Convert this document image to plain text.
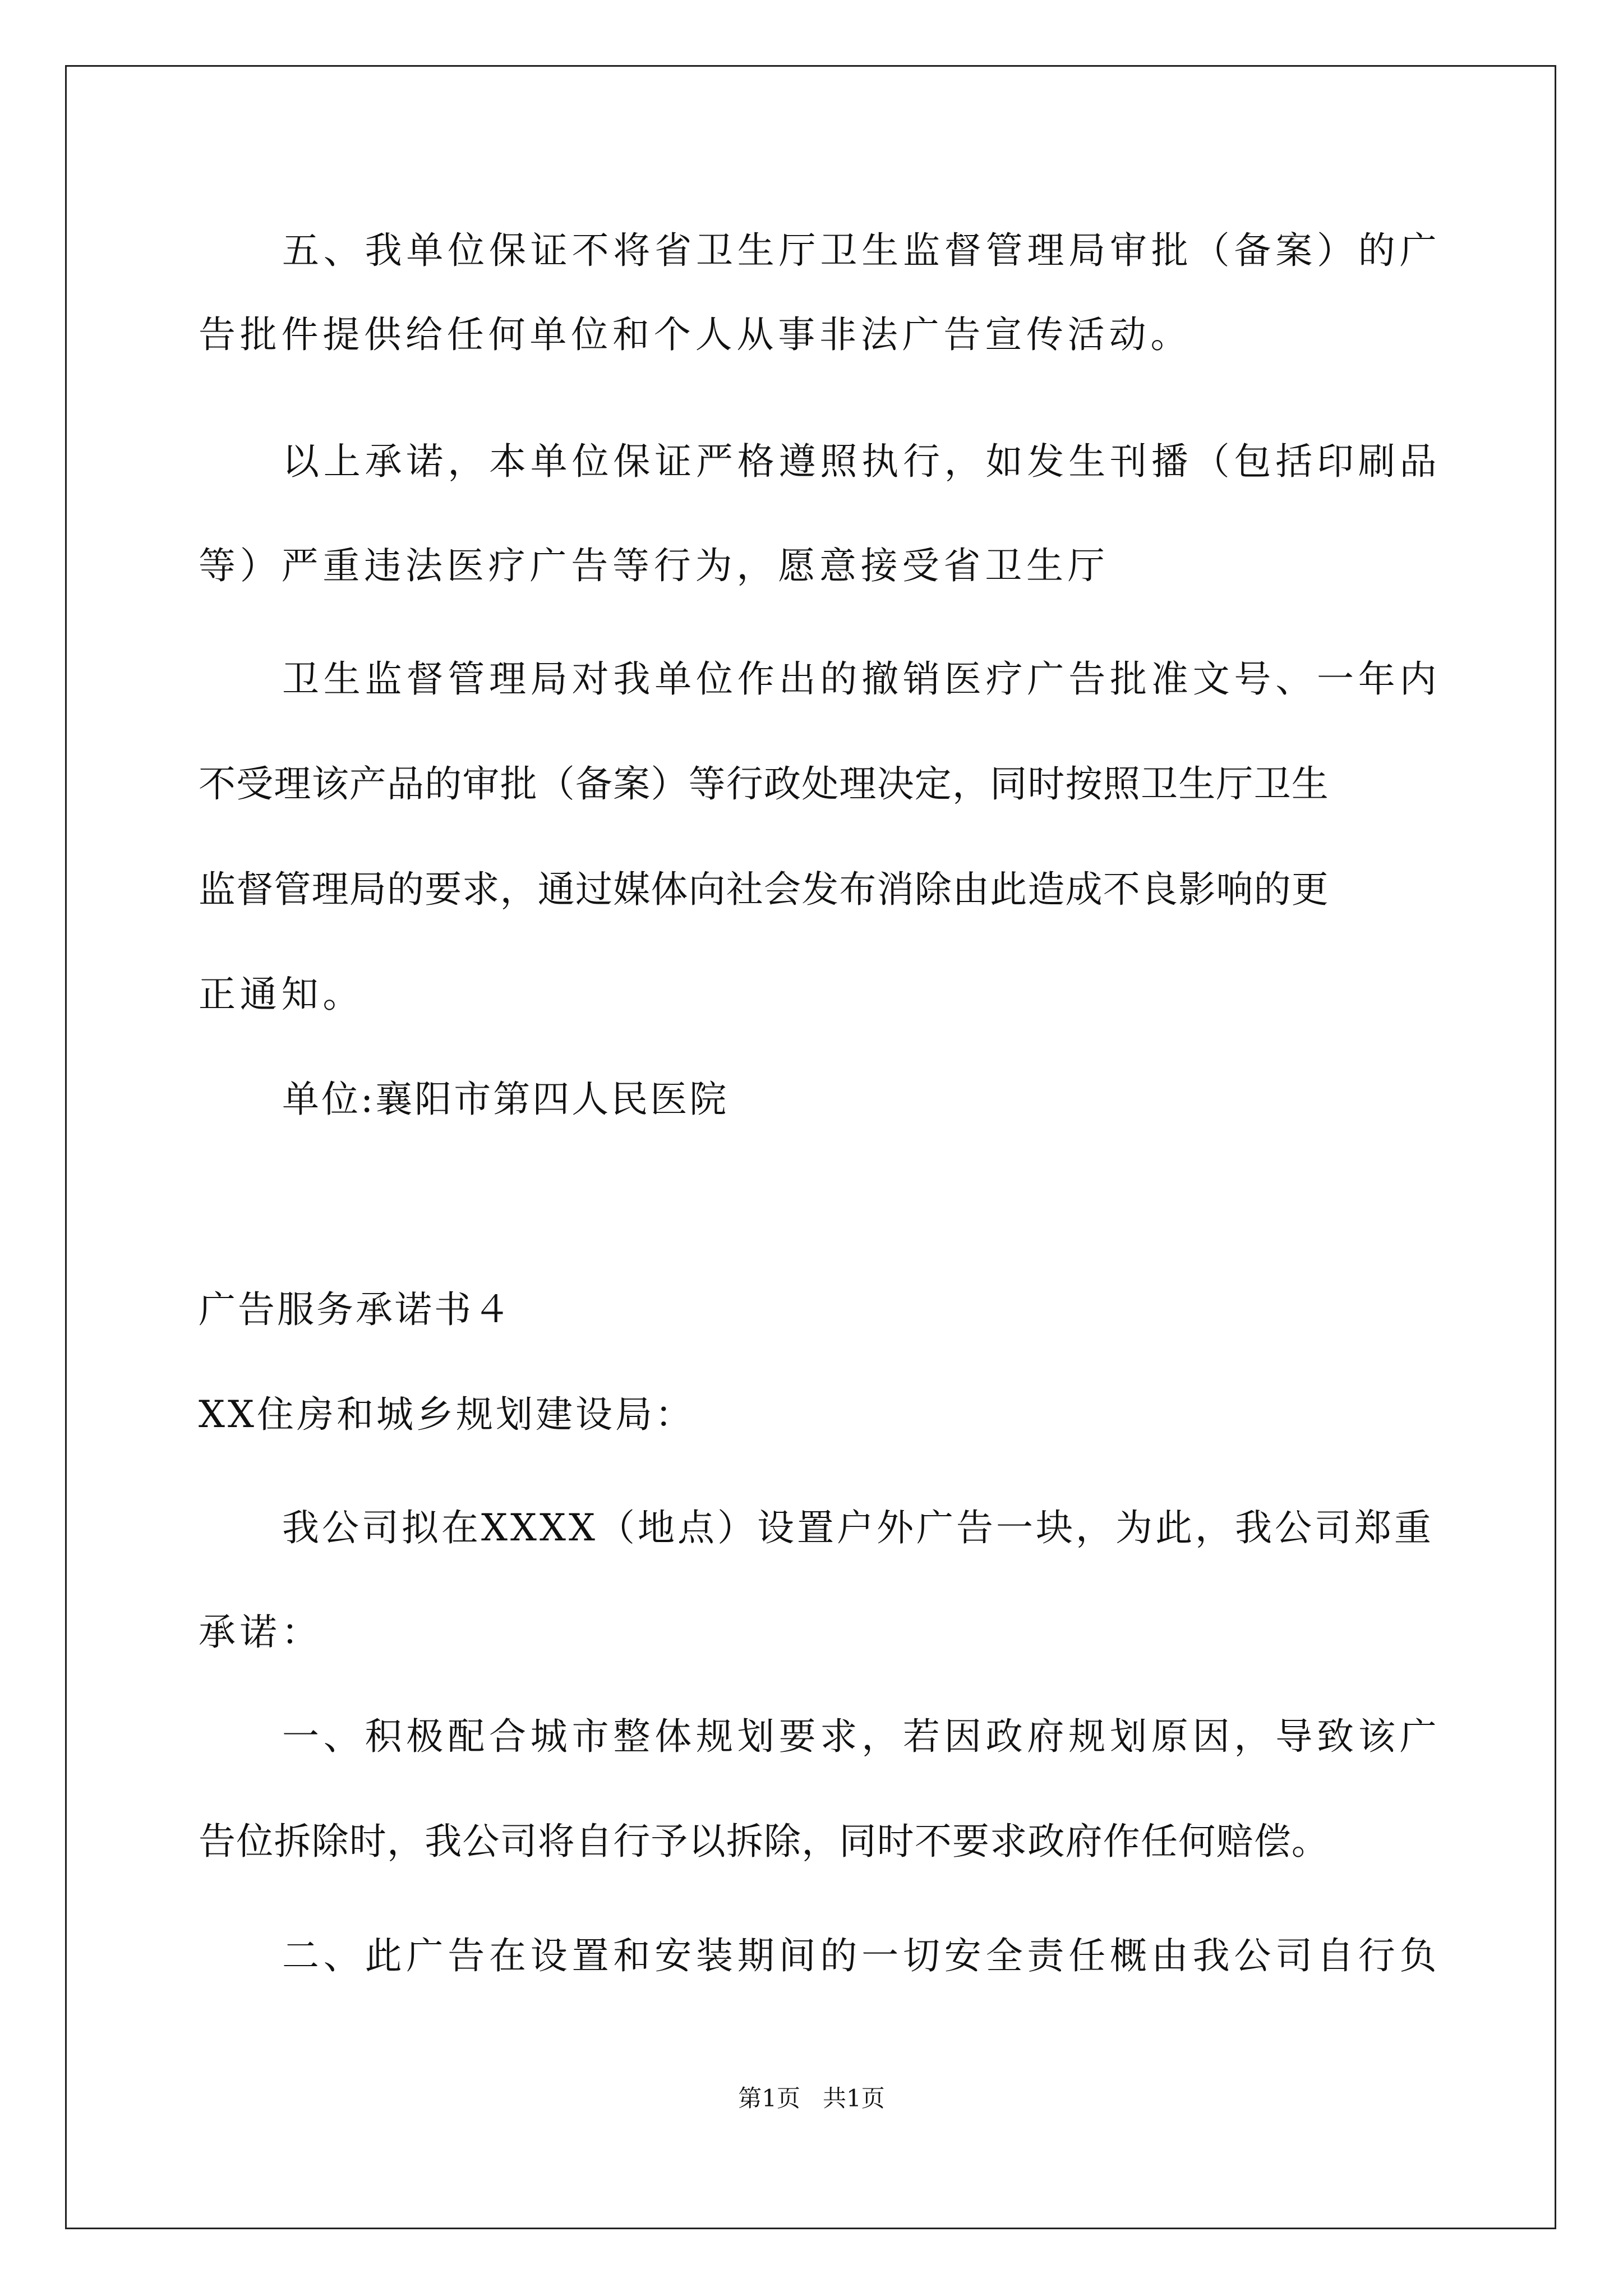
五、我单位保证不将省卫生厅卫生监督管理局审批（备案）的广
告批件提供给任何单位和个人从事非法广告宣传活动。
以上承诺，本单位保证严格遵照执行，如发生刊播（包括印刷品
等）严重违法医疗广告等行为，愿意接受省卫生厅
卫生监督管理局对我单位作出的撤销医疗广告批准文号、一年内
不受理该产品的审批（备案）等行政处理决定，同时按照卫生厅卫生
监督管理局的要求，通过媒体向社会发布消除由此造成不良影响的更
正通知。
单位:襄阳市第四人民医院
广告服务承诺书４
XX住房和城乡规划建设局：
我公司拟在XXXX（地点）设置户外广告一块，为此，我公司郑重
承诺：
一、积极配合城市整体规划要求，若因政府规划原因，导致该广
告位拆除时，我公司将自行予以拆除，同时不要求政府作任何赔偿。
二、此广告在设置和安装期间的一切安全责任概由我公司自行负
第1页 共1页
